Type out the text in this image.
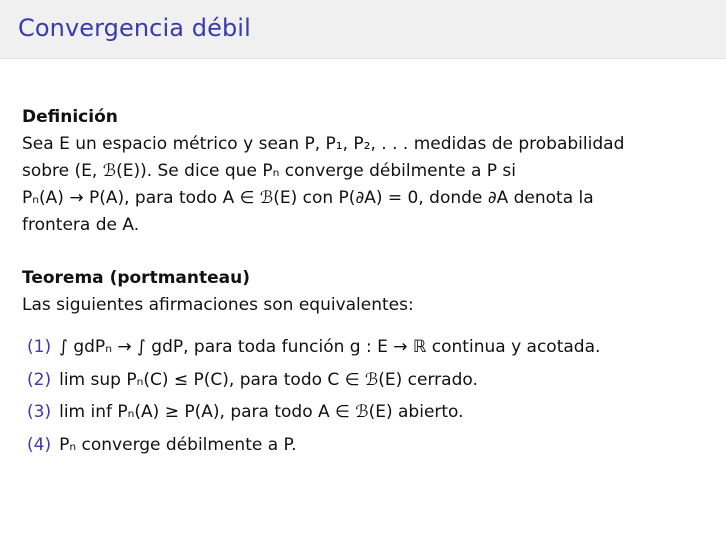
Convergencia débil
Definición
Sea E un espacio métrico y sean P, P₁, P₂, . . . medidas de probabilidad
sobre (E, ℬ(E)). Se dice que Pₙ converge débilmente a P si
Pₙ(A) → P(A), para todo A ∈ ℬ(E) con P(∂A) = 0, donde ∂A denota la
frontera de A.
Teorema (portmanteau)
Las siguientes afirmaciones son equivalentes:
(1) ∫ gdPₙ → ∫ gdP, para toda función g : E → ℝ continua y acotada.
(2) lim sup Pₙ(C) ≤ P(C), para todo C ∈ ℬ(E) cerrado.
(3) lim inf Pₙ(A) ≥ P(A), para todo A ∈ ℬ(E) abierto.
(4) Pₙ converge débilmente a P.
